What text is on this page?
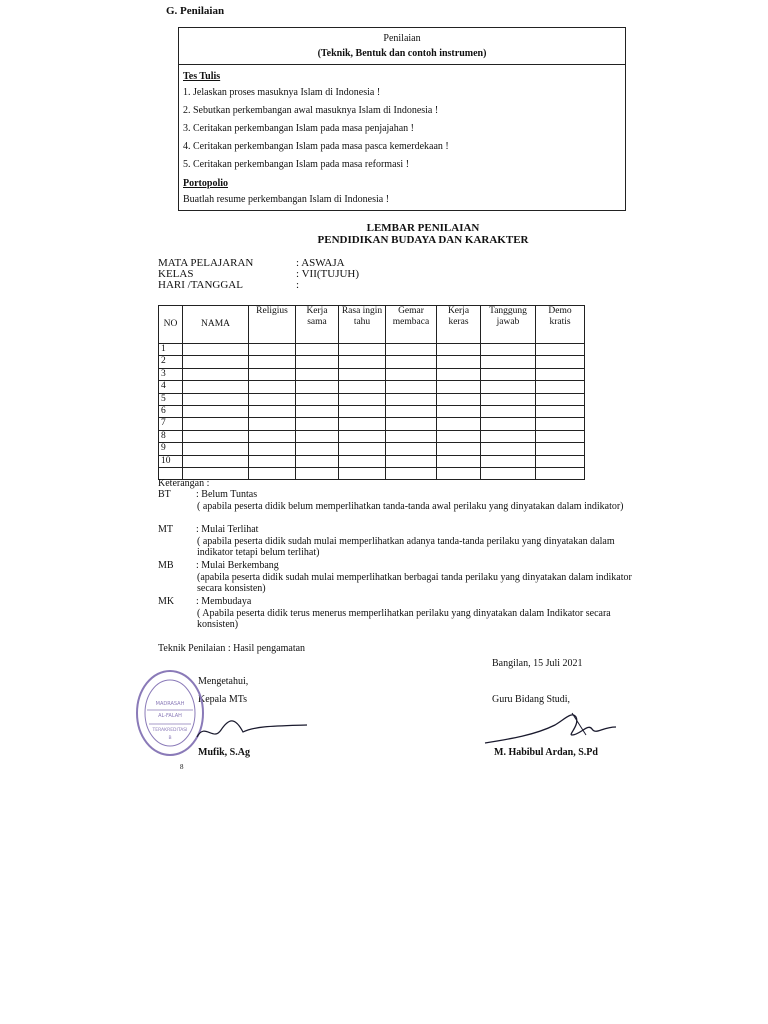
G. Penilaian
Penilaian
(Teknik, Bentuk dan contoh instrumen)
Tes Tulis
1. Jelaskan proses masuknya Islam di Indonesia !
2. Sebutkan perkembangan awal masuknya Islam di Indonesia !
3. Ceritakan perkembangan Islam pada masa penjajahan !
4. Ceritakan perkembangan Islam pada masa pasca kemerdekaan !
5. Ceritakan perkembangan Islam pada masa reformasi !
Portopolio
Buatlah resume perkembangan Islam di Indonesia !
LEMBAR PENILAIAN
PENDIDIKAN BUDAYA DAN KARAKTER
MATA PELAJARAN	: ASWAJA
KELAS	: VII(TUJUH)
HARI /TANGGAL	:
NO	NAMA	Religius	Kerja sama	Rasa ingin tahu	Gemar membaca	Kerja keras	Tanggung jawab	Demo kratis
1								
2								
3								
4								
5								
6								
7								
8								
9								
10								

Keterangan :
BT	: Belum Tuntas
( apabila peserta didik belum memperlihatkan tanda-tanda awal perilaku yang dinyatakan dalam indikator)
MT : Mulai Terlihat
( apabila peserta didik sudah mulai memperlihatkan adanya tanda-tanda perilaku yang dinyatakan dalam indikator tetapi belum terlihat)
MB : Mulai Berkembang
(apabila peserta didik sudah mulai memperlihatkan berbagai tanda perilaku yang dinyatakan dalam indikator secara konsisten)
MK : Membudaya
( Apabila peserta didik terus menerus memperlihatkan perilaku yang dinyatakan dalam Indikator secara konsisten)
Teknik Penilaian : Hasil pengamatan
Bangilan, 15 Juli 2021
Mengetahui,
Kepala MTs	Guru Bidang Studi,
MADRASAH
AL-FALAH
TERAKREDITASI
B
Mufik, S.Ag	M. Habibul Ardan, S.Pd
8
